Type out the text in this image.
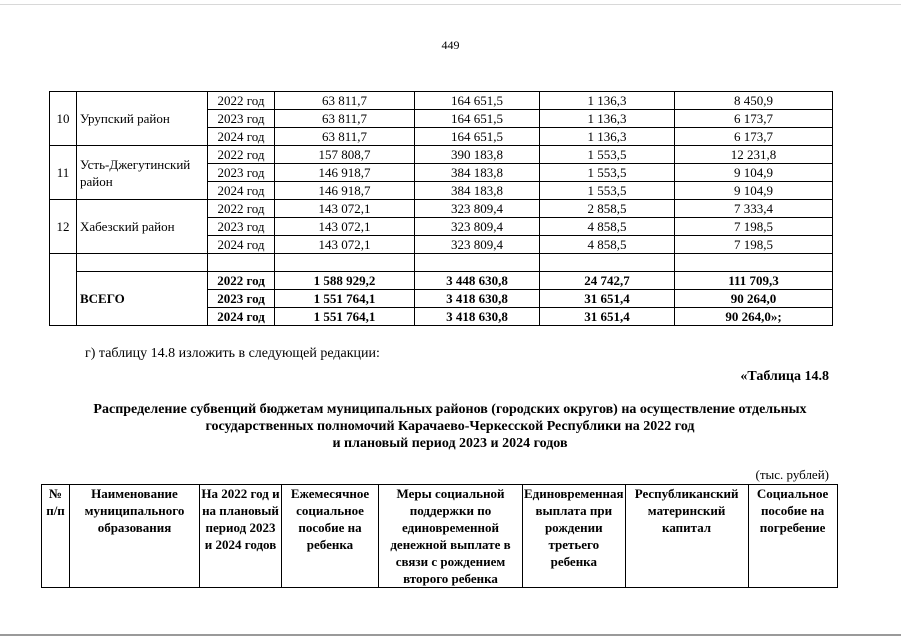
449
10	Урупский район	2022 год	63 811,7	164 651,5	1 136,3	8 450,9
		2023 год	63 811,7	164 651,5	1 136,3	6 173,7
		2024 год	63 811,7	164 651,5	1 136,3	6 173,7
11	Усть-Джегутинский район	2022 год	157 808,7	390 183,8	1 553,5	12 231,8
		2023 год	146 918,7	384 183,8	1 553,5	9 104,9
		2024 год	146 918,7	384 183,8	1 553,5	9 104,9
12	Хабезский район	2022 год	143 072,1	323 809,4	2 858,5	7 333,4
		2023 год	143 072,1	323 809,4	4 858,5	7 198,5
		2024 год	143 072,1	323 809,4	4 858,5	7 198,5

	ВСЕГО	2022 год	1 588 929,2	3 448 630,8	24 742,7	111 709,3
		2023 год	1 551 764,1	3 418 630,8	31 651,4	90 264,0
		2024 год	1 551 764,1	3 418 630,8	31 651,4	90 264,0»;
г) таблицу 14.8 изложить в следующей редакции:
«Таблица 14.8
Распределение субвенций бюджетам муниципальных районов (городских округов) на осуществление отдельных
государственных полномочий Карачаево-Черкесской Республики на 2022 год
и плановый период 2023 и 2024 годов
(тыс. рублей)
№ п/п	Наименование муниципального образования	На 2022 год и на плановый период 2023 и 2024 годов	Ежемесячное социальное пособие на ребенка	Меры социальной поддержки по единовременной денежной выплате в связи с рождением второго ребенка	Единовременная выплата при рождении третьего ребенка	Республиканский материнский капитал	Социальное пособие на погребение
